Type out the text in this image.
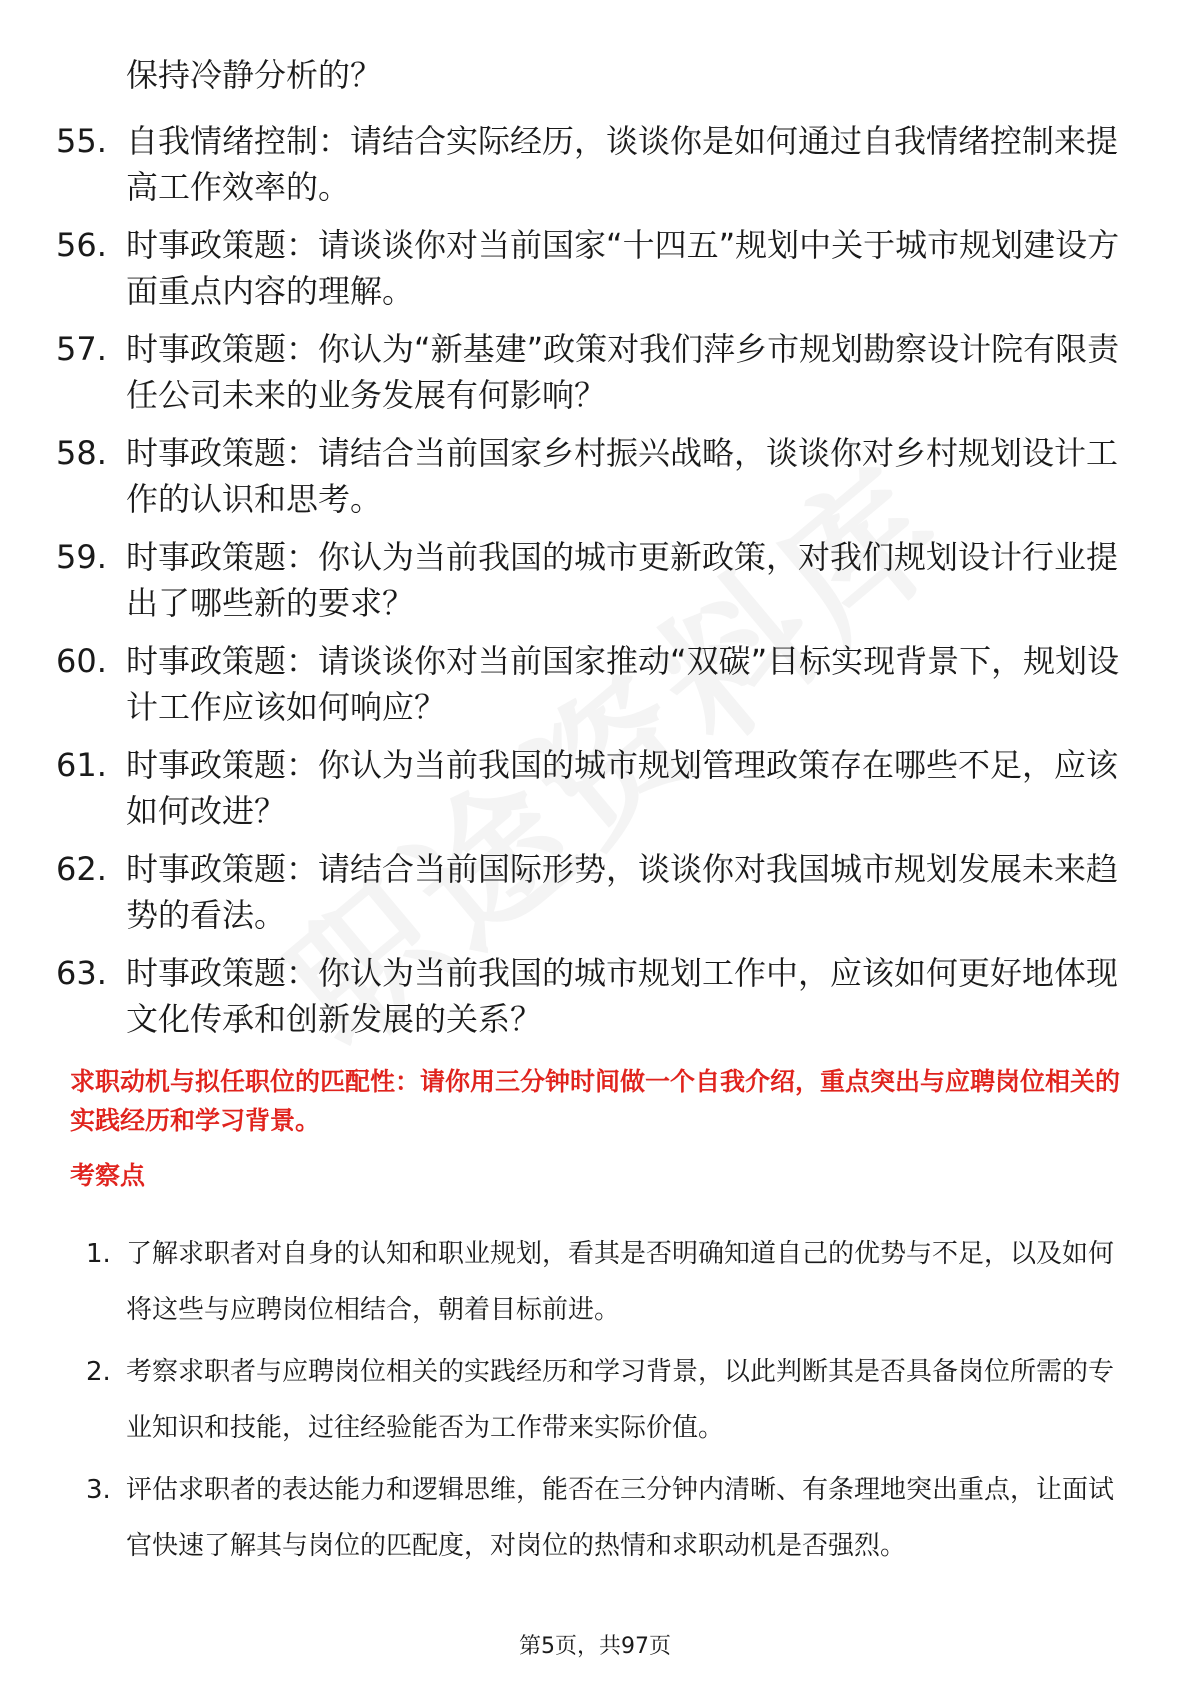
保持冷静分析的？
55. 自我情绪控制：请结合实际经历，谈谈你是如何通过自我情绪控制来提高工作效率的。
56. 时事政策题：请谈谈你对当前国家“十四五”规划中关于城市规划建设方面重点内容的理解。
57. 时事政策题：你认为“新基建”政策对我们萍乡市规划勘察设计院有限责任公司未来的业务发展有何影响？
58. 时事政策题：请结合当前国家乡村振兴战略，谈谈你对乡村规划设计工作的认识和思考。
59. 时事政策题：你认为当前我国的城市更新政策，对我们规划设计行业提出了哪些新的要求？
60. 时事政策题：请谈谈你对当前国家推动“双碳”目标实现背景下，规划设计工作应该如何响应？
61. 时事政策题：你认为当前我国的城市规划管理政策存在哪些不足，应该如何改进？
62. 时事政策题：请结合当前国际形势，谈谈你对我国城市规划发展未来趋势的看法。
63. 时事政策题：你认为当前我国的城市规划工作中，应该如何更好地体现文化传承和创新发展的关系？
求职动机与拟任职位的匹配性：请你用三分钟时间做一个自我介绍，重点突出与应聘岗位相关的实践经历和学习背景。
考察点
1. 了解求职者对自身的认知和职业规划，看其是否明确知道自己的优势与不足，以及如何将这些与应聘岗位相结合，朝着目标前进。
2. 考察求职者与应聘岗位相关的实践经历和学习背景，以此判断其是否具备岗位所需的专业知识和技能，过往经验能否为工作带来实际价值。
3. 评估求职者的表达能力和逻辑思维，能否在三分钟内清晰、有条理地突出重点，让面试官快速了解其与岗位的匹配度，对岗位的热情和求职动机是否强烈。
第5页，共97页
